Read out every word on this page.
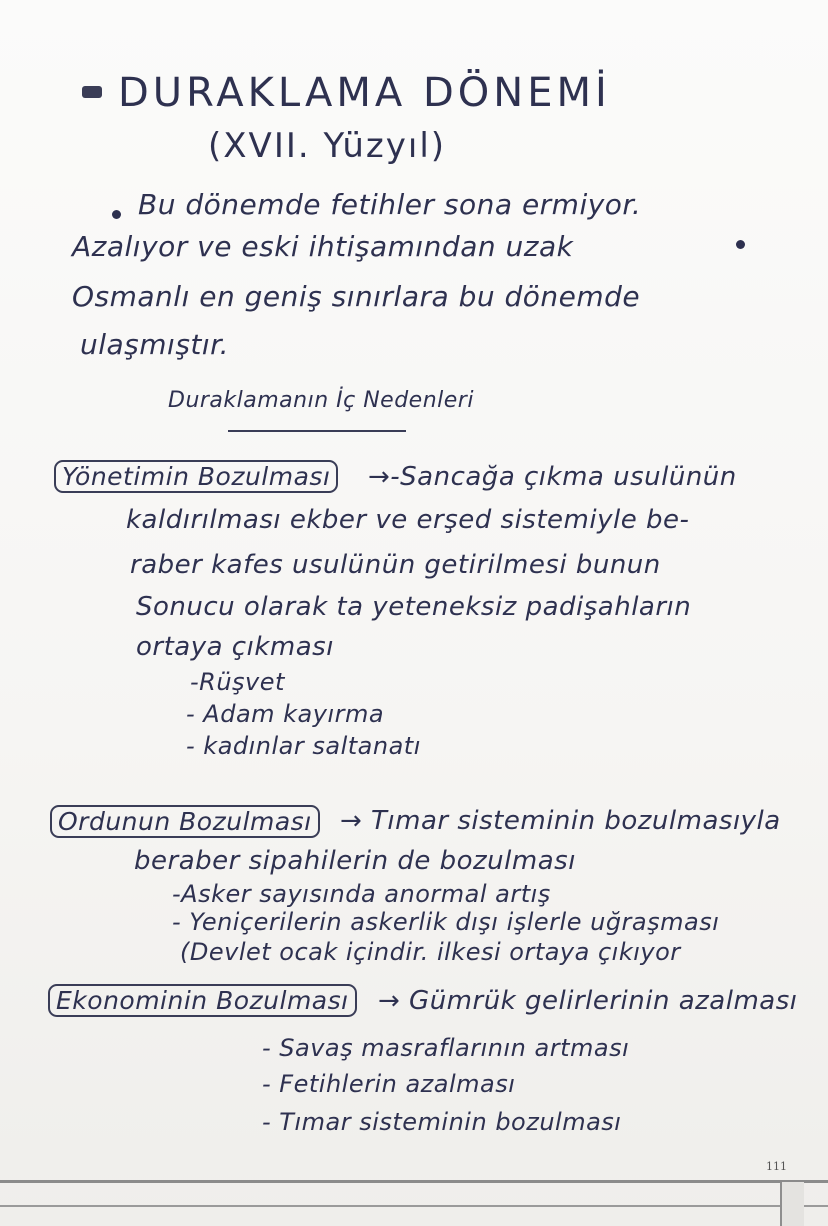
DURAKLAMA DÖNEMİ
(XVII. Yüzyıl)
Bu dönemde fetihler sona ermiyor.
Azalıyor ve eski ihtişamından uzak
Osmanlı en geniş sınırlara bu dönemde
ulaşmıştır.
Duraklamanın İç Nedenleri
Yönetimin Bozulması	→-Sancağa çıkma usulünün
kaldırılması ekber ve erşed sistemiyle be-
raber kafes usulünün getirilmesi bunun
Sonucu olarak ta yeteneksiz padişahların
ortaya çıkması
-Rüşvet
- Adam kayırma
- kadınlar saltanatı
Ordunun Bozulması	→ Tımar sisteminin bozulmasıyla
beraber sipahilerin de bozulması
-Asker sayısında anormal artış
- Yeniçerilerin askerlik dışı işlerle uğraşması
(Devlet ocak içindir. ilkesi ortaya çıkıyor
Ekonominin Bozulması	→ Gümrük gelirlerinin azalması
- Savaş masraflarının artması
- Fetihlerin azalması
- Tımar sisteminin bozulması
111
